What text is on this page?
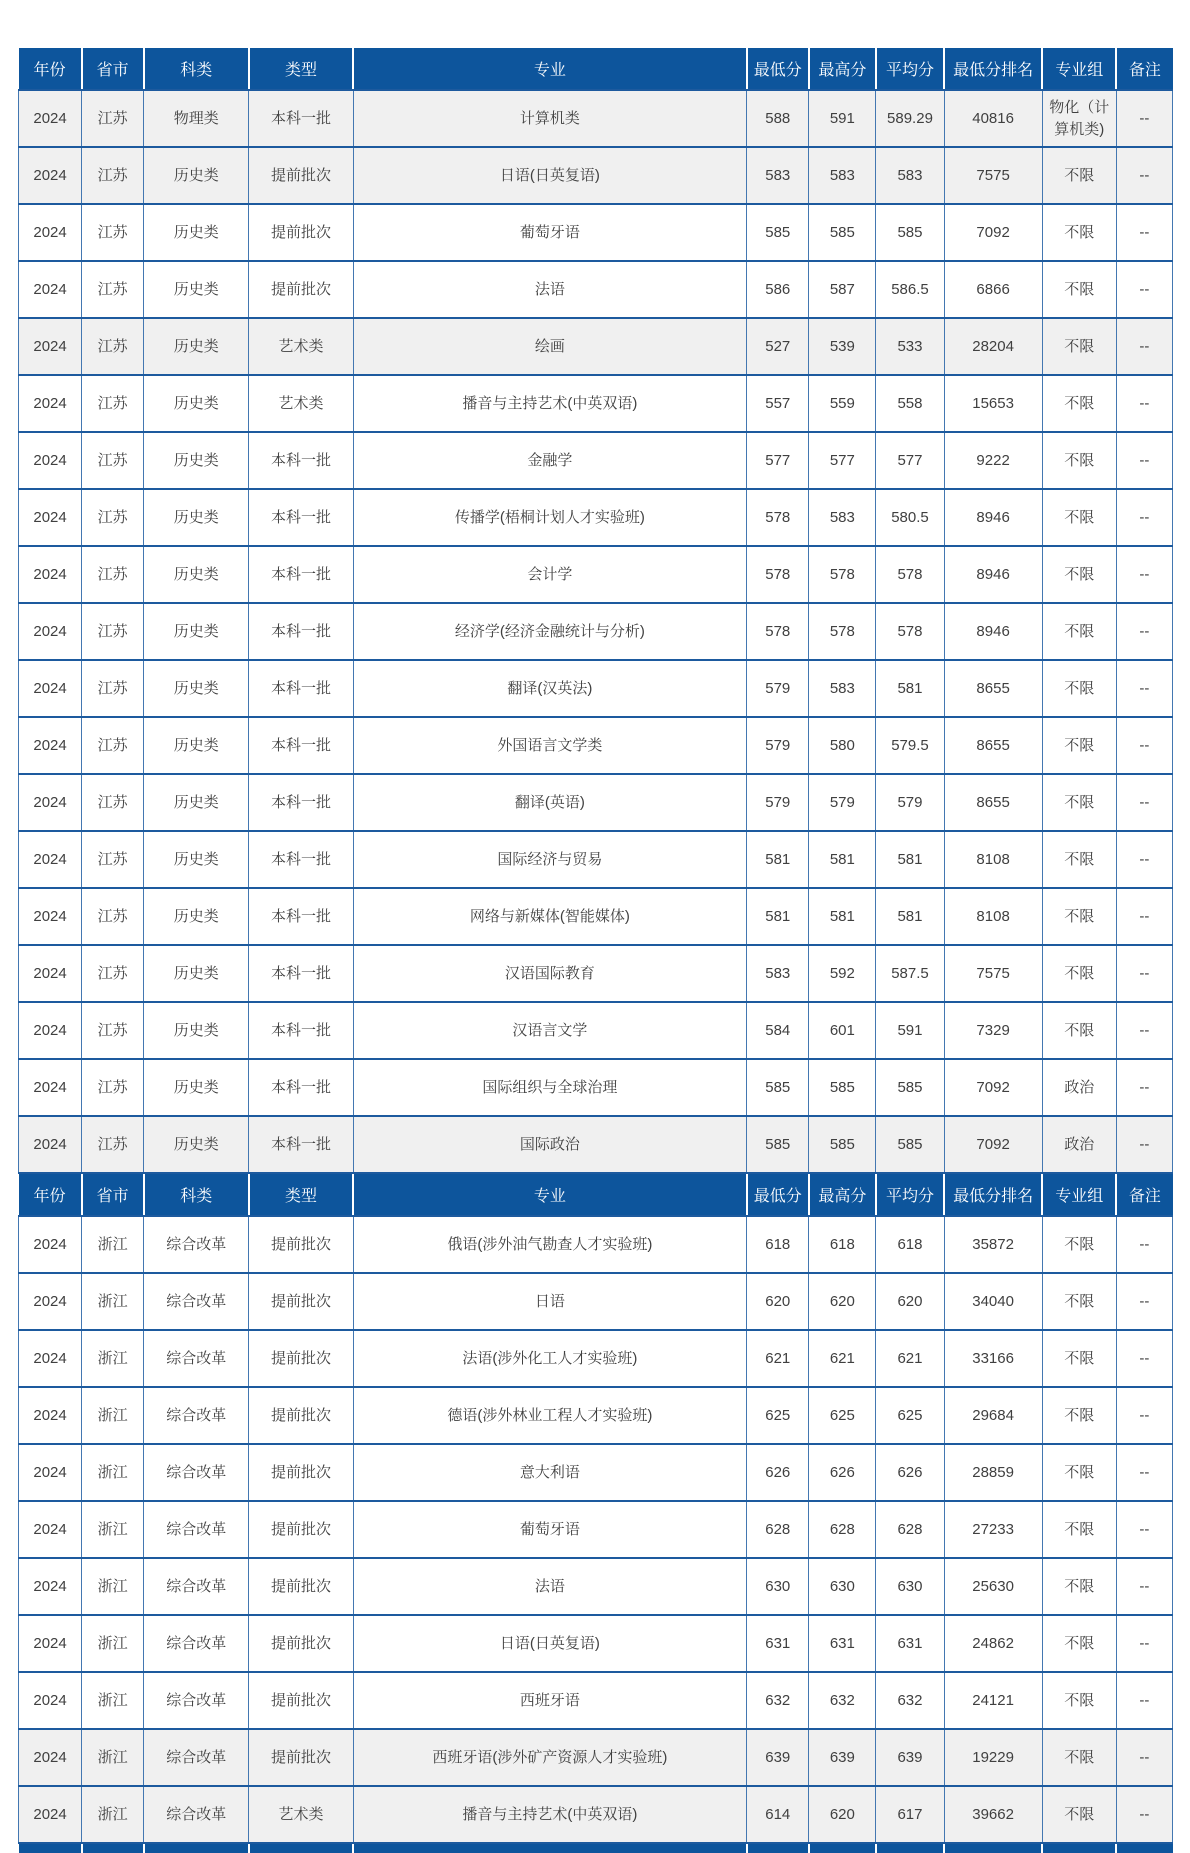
年份	省市	科类	类型	专业	最低分	最高分	平均分	最低分排名	专业组	备注
2024	江苏	物理类	本科一批	计算机类	588	591	589.29	40816	物化（计算机类)	--
2024	江苏	历史类	提前批次	日语(日英复语)	583	583	583	7575	不限	--
2024	江苏	历史类	提前批次	葡萄牙语	585	585	585	7092	不限	--
2024	江苏	历史类	提前批次	法语	586	587	586.5	6866	不限	--
2024	江苏	历史类	艺术类	绘画	527	539	533	28204	不限	--
2024	江苏	历史类	艺术类	播音与主持艺术(中英双语)	557	559	558	15653	不限	--
2024	江苏	历史类	本科一批	金融学	577	577	577	9222	不限	--
2024	江苏	历史类	本科一批	传播学(梧桐计划人才实验班)	578	583	580.5	8946	不限	--
2024	江苏	历史类	本科一批	会计学	578	578	578	8946	不限	--
2024	江苏	历史类	本科一批	经济学(经济金融统计与分析)	578	578	578	8946	不限	--
2024	江苏	历史类	本科一批	翻译(汉英法)	579	583	581	8655	不限	--
2024	江苏	历史类	本科一批	外国语言文学类	579	580	579.5	8655	不限	--
2024	江苏	历史类	本科一批	翻译(英语)	579	579	579	8655	不限	--
2024	江苏	历史类	本科一批	国际经济与贸易	581	581	581	8108	不限	--
2024	江苏	历史类	本科一批	网络与新媒体(智能媒体)	581	581	581	8108	不限	--
2024	江苏	历史类	本科一批	汉语国际教育	583	592	587.5	7575	不限	--
2024	江苏	历史类	本科一批	汉语言文学	584	601	591	7329	不限	--
2024	江苏	历史类	本科一批	国际组织与全球治理	585	585	585	7092	政治	--
2024	江苏	历史类	本科一批	国际政治	585	585	585	7092	政治	--
年份	省市	科类	类型	专业	最低分	最高分	平均分	最低分排名	专业组	备注
2024	浙江	综合改革	提前批次	俄语(涉外油气勘查人才实验班)	618	618	618	35872	不限	--
2024	浙江	综合改革	提前批次	日语	620	620	620	34040	不限	--
2024	浙江	综合改革	提前批次	法语(涉外化工人才实验班)	621	621	621	33166	不限	--
2024	浙江	综合改革	提前批次	德语(涉外林业工程人才实验班)	625	625	625	29684	不限	--
2024	浙江	综合改革	提前批次	意大利语	626	626	626	28859	不限	--
2024	浙江	综合改革	提前批次	葡萄牙语	628	628	628	27233	不限	--
2024	浙江	综合改革	提前批次	法语	630	630	630	25630	不限	--
2024	浙江	综合改革	提前批次	日语(日英复语)	631	631	631	24862	不限	--
2024	浙江	综合改革	提前批次	西班牙语	632	632	632	24121	不限	--
2024	浙江	综合改革	提前批次	西班牙语(涉外矿产资源人才实验班)	639	639	639	19229	不限	--
2024	浙江	综合改革	艺术类	播音与主持艺术(中英双语)	614	620	617	39662	不限	--
